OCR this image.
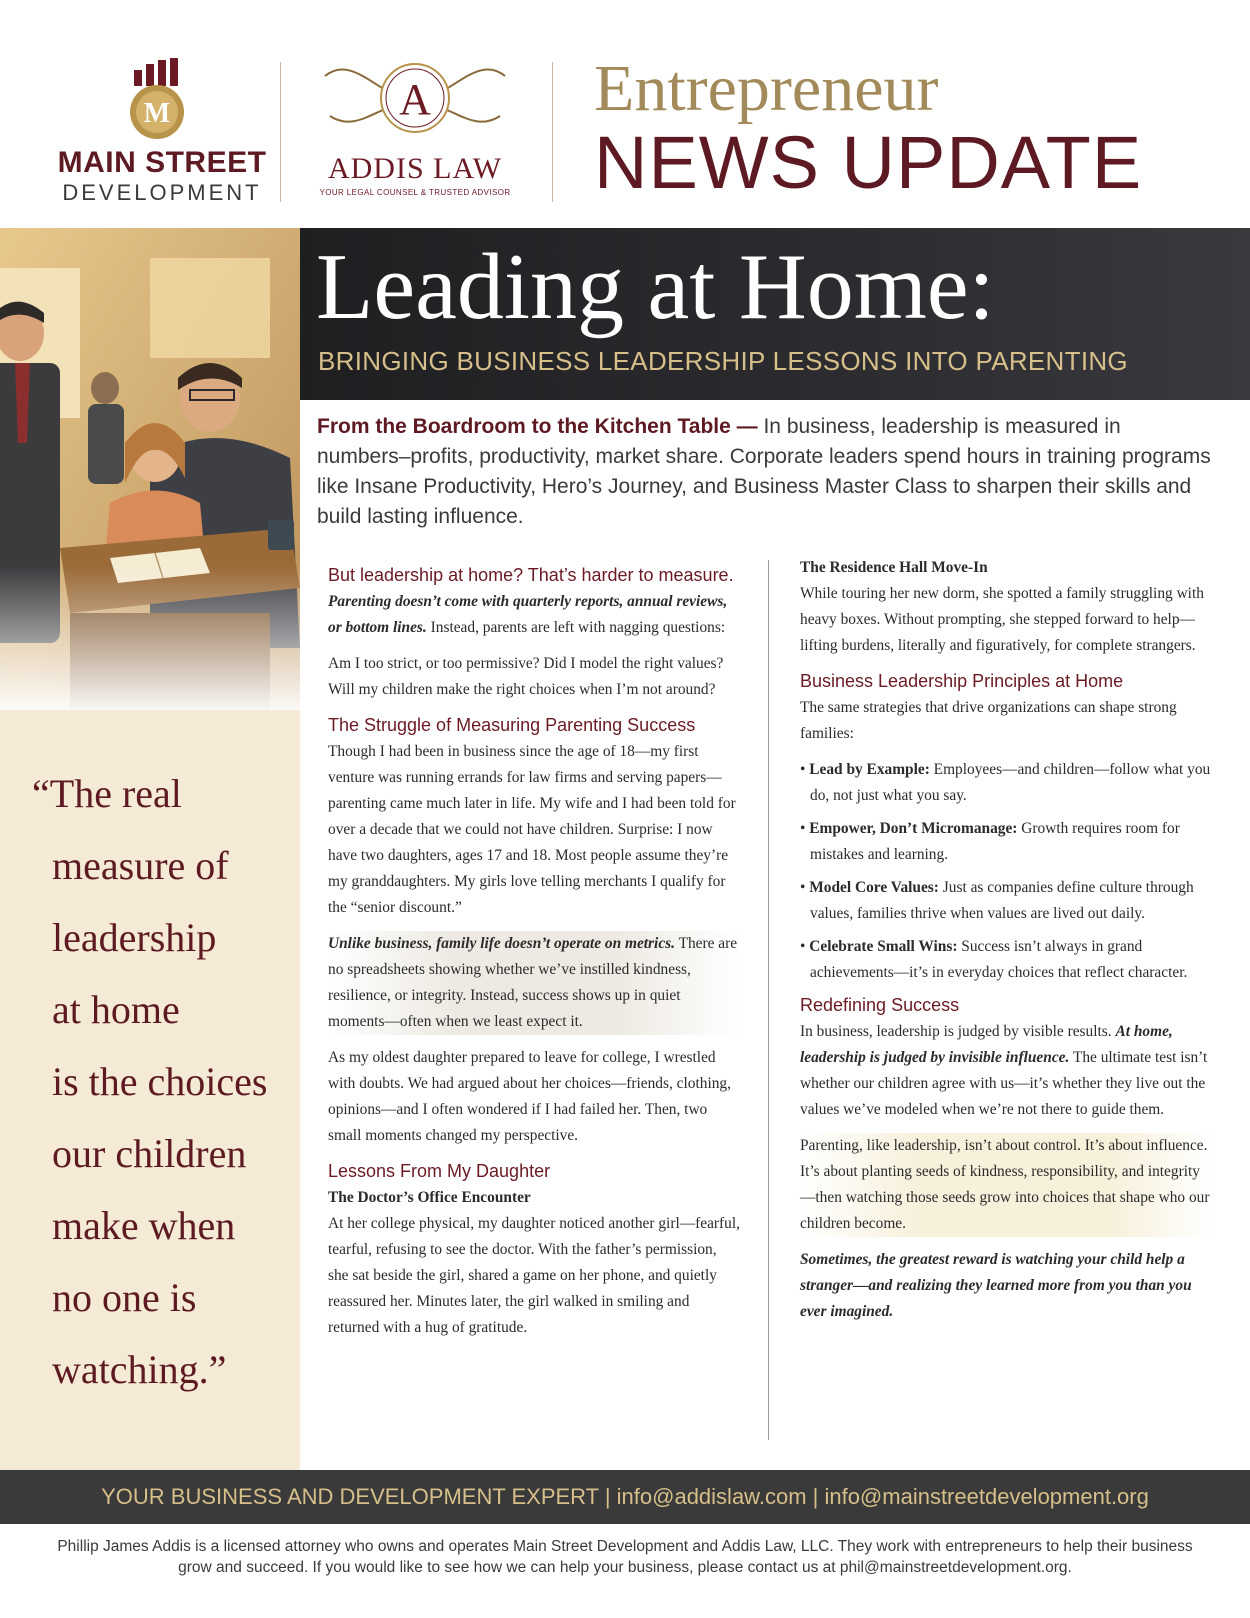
M
MAIN STREET
DEVELOPMENT
A
ADDIS LAW
YOUR LEGAL COUNSEL & TRUSTED ADVISOR
Entrepreneur
NEWS UPDATE
“The real
measure of
leadership
at home
is the choices
our children
make when
no one is
watching.”
Leading at Home:
BRINGING BUSINESS LEADERSHIP LESSONS INTO PARENTING
From the Boardroom to the Kitchen Table — In business, leadership is measured in numbers–profits, productivity, market share. Corporate leaders spend hours in training programs like Insane Productivity, Hero’s Journey, and Business Master Class to sharpen their skills and build lasting influence.
But leadership at home? That’s harder to measure.

Parenting doesn’t come with quarterly reports, annual reviews, or bottom lines. Instead, parents are left with nagging questions:

Am I too strict, or too permissive? Did I model the right values? Will my children make the right choices when I’m not around?

The Struggle of Measuring Parenting Success

Though I had been in business since the age of 18—my first venture was running errands for law firms and serving papers—parenting came much later in life. My wife and I had been told for over a decade that we could not have children. Surprise: I now have two daughters, ages 17 and 18. Most people assume they’re my granddaughters. My girls love telling merchants I qualify for the “senior discount.”

Unlike business, family life doesn’t operate on metrics. There are no spreadsheets showing whether we’ve instilled kindness, resilience, or integrity. Instead, success shows up in quiet moments—often when we least expect it.

As my oldest daughter prepared to leave for college, I wrestled with doubts. We had argued about her choices—friends, clothing, opinions—and I often wondered if I had failed her. Then, two small moments changed my perspective.

Lessons From My Daughter
The Doctor’s Office Encounter

At her college physical, my daughter noticed another girl—fearful, tearful, refusing to see the doctor. With the father’s permission, she sat beside the girl, shared a game on her phone, and quietly reassured her. Minutes later, the girl walked in smiling and returned with a hug of gratitude.

The Residence Hall Move-In

While touring her new dorm, she spotted a family struggling with heavy boxes. Without prompting, she stepped forward to help—lifting burdens, literally and figuratively, for complete strangers.

Business Leadership Principles at Home

The same strategies that drive organizations can shape strong families:

• Lead by Example: Employees—and children—follow what you do, not just what you say.
• Empower, Don’t Micromanage: Growth requires room for mistakes and learning.
• Model Core Values: Just as companies define culture through values, families thrive when values are lived out daily.
• Celebrate Small Wins: Success isn’t always in grand achievements—it’s in everyday choices that reflect character.
Redefining Success

In business, leadership is judged by visible results. At home, leadership is judged by invisible influence. The ultimate test isn’t whether our children agree with us—it’s whether they live out the values we’ve modeled when we’re not there to guide them.

Parenting, like leadership, isn’t about control. It’s about influence. It’s about planting seeds of kindness, responsibility, and integrity—then watching those seeds grow into choices that shape who our children become.

Sometimes, the greatest reward is watching your child help a stranger—and realizing they learned more from you than you ever imagined.

YOUR BUSINESS AND DEVELOPMENT EXPERT | info@addislaw.com | info@mainstreetdevelopment.org
Phillip James Addis is a licensed attorney who owns and operates Main Street Development and Addis Law, LLC. They work with entrepreneurs to help their business grow and succeed. If you would like to see how we can help your business, please contact us at phil@mainstreetdevelopment.org.
